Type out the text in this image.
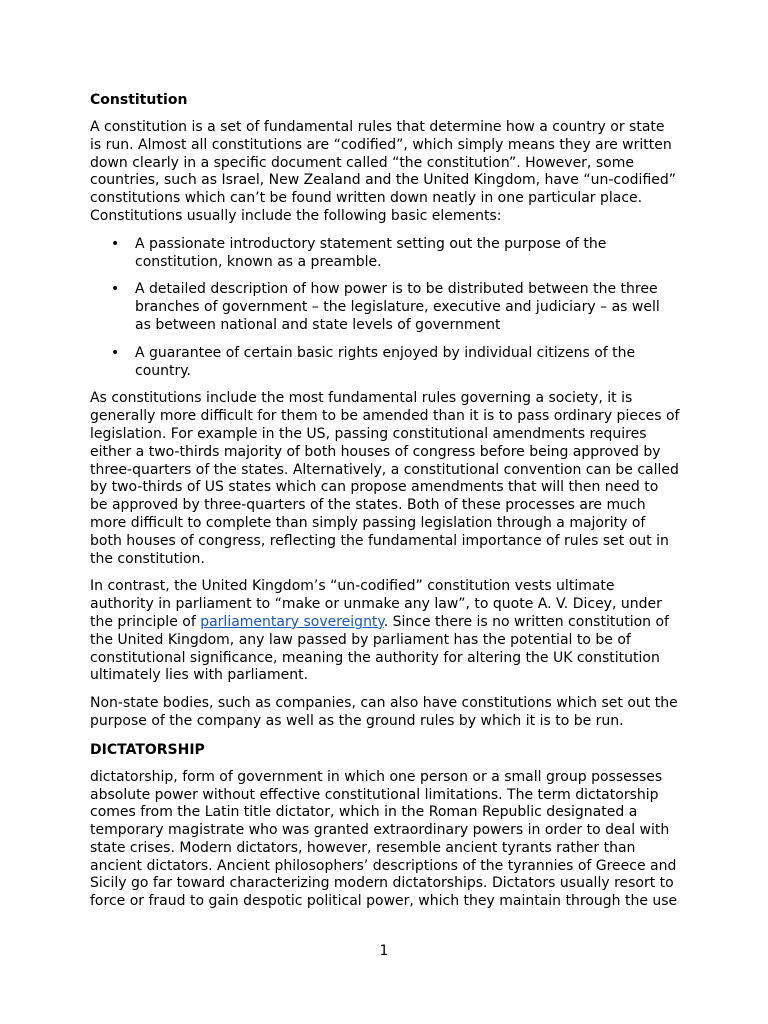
Constitution

A constitution is a set of fundamental rules that determine how a country or state is run. Almost all constitutions are “codified”, which simply means they are written down clearly in a specific document called “the constitution”. However, some countries, such as Israel, New Zealand and the United Kingdom, have “un-codified” constitutions which can’t be found written down neatly in one particular place. Constitutions usually include the following basic elements:

• A passionate introductory statement setting out the purpose of the constitution, known as a preamble.
• A detailed description of how power is to be distributed between the three branches of government – the legislature, executive and judiciary – as well as between national and state levels of government
• A guarantee of certain basic rights enjoyed by individual citizens of the country.

As constitutions include the most fundamental rules governing a society, it is generally more difficult for them to be amended than it is to pass ordinary pieces of legislation. For example in the US, passing constitutional amendments requires either a two-thirds majority of both houses of congress before being approved by three-quarters of the states. Alternatively, a constitutional convention can be called by two-thirds of US states which can propose amendments that will then need to be approved by three-quarters of the states. Both of these processes are much more difficult to complete than simply passing legislation through a majority of both houses of congress, reflecting the fundamental importance of rules set out in the constitution.

In contrast, the United Kingdom’s “un-codified” constitution vests ultimate authority in parliament to “make or unmake any law”, to quote A. V. Dicey, under the principle of parliamentary sovereignty. Since there is no written constitution of the United Kingdom, any law passed by parliament has the potential to be of constitutional significance, meaning the authority for altering the UK constitution ultimately lies with parliament.

Non-state bodies, such as companies, can also have constitutions which set out the purpose of the company as well as the ground rules by which it is to be run.

DICTATORSHIP

dictatorship, form of government in which one person or a small group possesses absolute power without effective constitutional limitations. The term dictatorship comes from the Latin title dictator, which in the Roman Republic designated a temporary magistrate who was granted extraordinary powers in order to deal with state crises. Modern dictators, however, resemble ancient tyrants rather than ancient dictators. Ancient philosophers’ descriptions of the tyrannies of Greece and Sicily go far toward characterizing modern dictatorships. Dictators usually resort to force or fraud to gain despotic political power, which they maintain through the use

1
